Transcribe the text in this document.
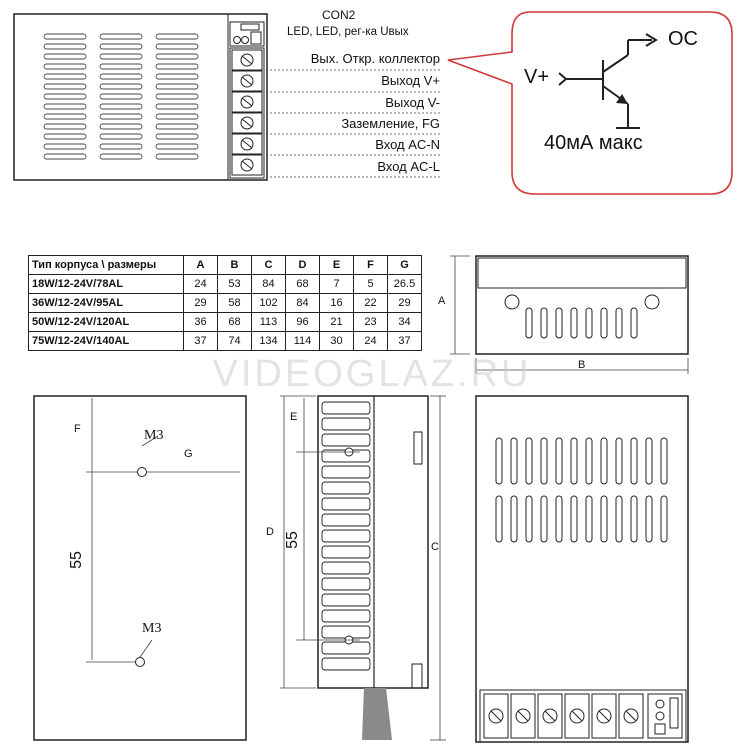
VIDEOGLAZ.RU
CON2
LED, LED, рег-ка Uвых
Вых. Откр. коллектор
Выход V+
Выход V-
Заземление, FG
Вход AC-N
Вход AC-L
OC
V+
40мА макс
Тип корпуса \ размеры	A	B	C	D	E	F	G
18W/12-24V/78AL	24	53	84	68	7	5	26.5
36W/12-24V/95AL	29	58	102	84	16	22	29
50W/12-24V/120AL	36	68	113	96	21	23	34
75W/12-24V/140AL	37	74	134	114	30	24	37
A
B
C
D
E
F
G
55
55
M3
M3
